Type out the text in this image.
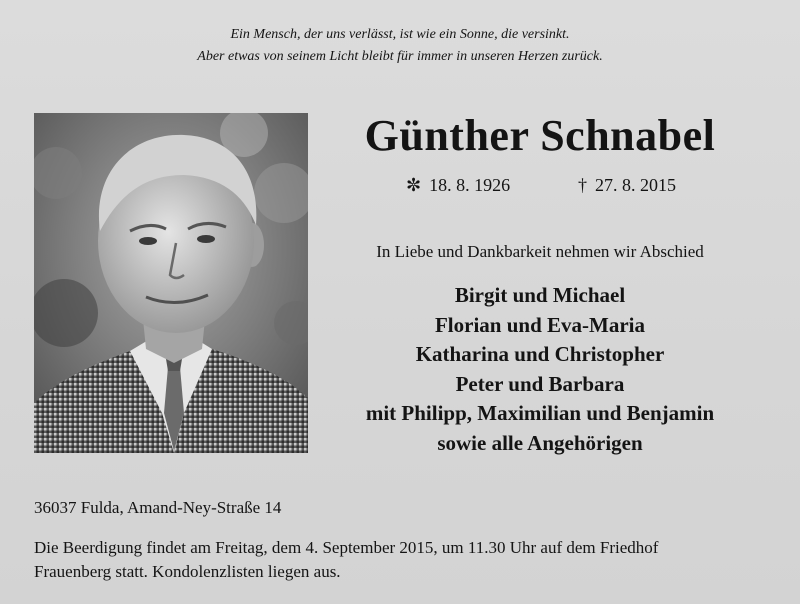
Ein Mensch, der uns verlässt, ist wie ein Sonne, die versinkt.
Aber etwas von seinem Licht bleibt für immer in unseren Herzen zurück.
Günther Schnabel
✼ 18. 8. 1926	† 27. 8. 2015
In Liebe und Dankbarkeit nehmen wir Abschied
Birgit und Michael
Florian und Eva-Maria
Katharina und Christopher
Peter und Barbara
mit Philipp, Maximilian und Benjamin
sowie alle Angehörigen
36037 Fulda, Amand-Ney-Straße 14
Die Beerdigung findet am Freitag, dem 4. September 2015, um 11.30 Uhr auf dem Friedhof
Frauenberg statt. Kondolenzlisten liegen aus.
